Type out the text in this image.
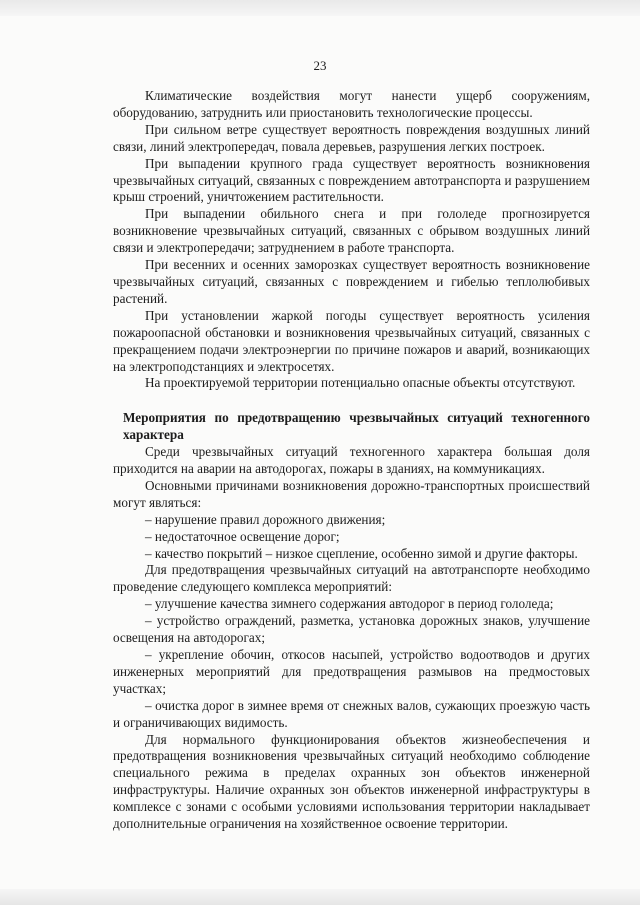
23

Климатические воздействия могут нанести ущерб сооружениям, оборудованию, затруднить или приостановить технологические процессы.

При сильном ветре существует вероятность повреждения воздушных линий связи, линий электропередач, повала деревьев, разрушения легких построек.

При выпадении крупного града существует вероятность возникновения чрезвычайных ситуаций, связанных с повреждением автотранспорта и разрушением крыш строений, уничтожением растительности.

При выпадении обильного снега и при гололеде прогнозируется возникновение чрезвычайных ситуаций, связанных с обрывом воздушных линий связи и электропередачи; затруднением в работе транспорта.

При весенних и осенних заморозках существует вероятность возникновение чрезвычайных ситуаций, связанных с повреждением и гибелью теплолюбивых растений.

При установлении жаркой погоды существует вероятность усиления пожароопасной обстановки и возникновения чрезвычайных ситуаций, связанных с прекращением подачи электроэнергии по причине пожаров и аварий, возникающих на электроподстанциях и электросетях.

На проектируемой территории потенциально опасные объекты отсутствуют.

Мероприятия по предотвращению чрезвычайных ситуаций техногенного характера

Среди чрезвычайных ситуаций техногенного характера большая доля приходится на аварии на автодорогах, пожары в зданиях, на коммуникациях.

Основными причинами возникновения дорожно-транспортных происшествий могут являться:

– нарушение правил дорожного движения;

– недостаточное освещение дорог;

– качество покрытий – низкое сцепление, особенно зимой и другие факторы.

Для предотвращения чрезвычайных ситуаций на автотранспорте необходимо проведение следующего комплекса мероприятий:

– улучшение качества зимнего содержания автодорог в период гололеда;

– устройство ограждений, разметка, установка дорожных знаков, улучшение освещения на автодорогах;

– укрепление обочин, откосов насыпей, устройство водоотводов и других инженерных мероприятий для предотвращения размывов на предмостовых участках;

– очистка дорог в зимнее время от снежных валов, сужающих проезжую часть и ограничивающих видимость.

Для нормального функционирования объектов жизнеобеспечения и предотвращения возникновения чрезвычайных ситуаций необходимо соблюдение специального режима в пределах охранных зон объектов инженерной инфраструктуры. Наличие охранных зон объектов инженерной инфраструктуры в комплексе с зонами с особыми условиями использования территории накладывает дополнительные ограничения на хозяйственное освоение территории.
